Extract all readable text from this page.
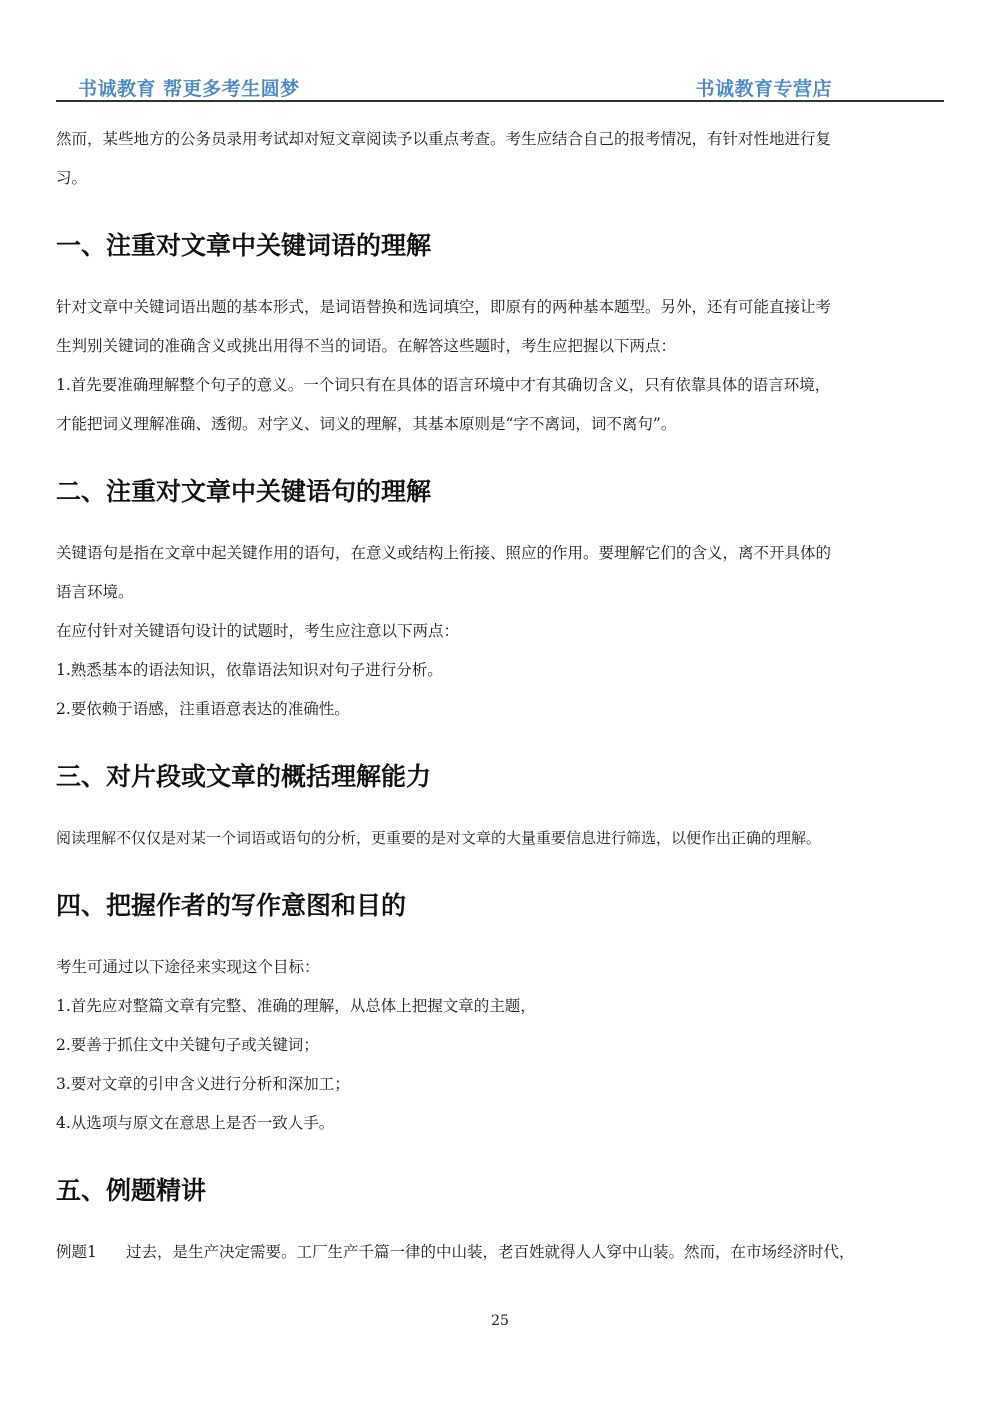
书诚教育 帮更多考生圆梦	书诚教育专营店

然而，某些地方的公务员录用考试却对短文章阅读予以重点考查。考生应结合自己的报考情况，有针对性地进行复

习。

一、注重对文章中关键词语的理解

针对文章中关键词语出题的基本形式，是词语替换和选词填空，即原有的两种基本题型。另外，还有可能直接让考

生判别关键词的准确含义或挑出用得不当的词语。在解答这些题时，考生应把握以下两点：

1.首先要准确理解整个句子的意义。一个词只有在具体的语言环境中才有其确切含义，只有依靠具体的语言环境，

才能把词义理解准确、透彻。对字义、词义的理解，其基本原则是“字不离词，词不离句”。

二、注重对文章中关键语句的理解

关键语句是指在文章中起关键作用的语句，在意义或结构上衔接、照应的作用。要理解它们的含义，离不开具体的

语言环境。

在应付针对关键语句设计的试题时，考生应注意以下两点：

1.熟悉基本的语法知识，依靠语法知识对句子进行分析。

2.要依赖于语感，注重语意表达的准确性。

三、对片段或文章的概括理解能力

阅读理解不仅仅是对某一个词语或语句的分析，更重要的是对文章的大量重要信息进行筛选，以便作出正确的理解。

四、把握作者的写作意图和目的

考生可通过以下途径来实现这个目标：

1.首先应对整篇文章有完整、准确的理解，从总体上把握文章的主题，

2.要善于抓住文中关键句子或关键词；

3.要对文章的引申含义进行分析和深加工；

4.从选项与原文在意思上是否一致人手。

五、例题精讲

例题1 过去，是生产决定需要。工厂生产千篇一律的中山装，老百姓就得人人穿中山装。然而，在市场经济时代，

25
